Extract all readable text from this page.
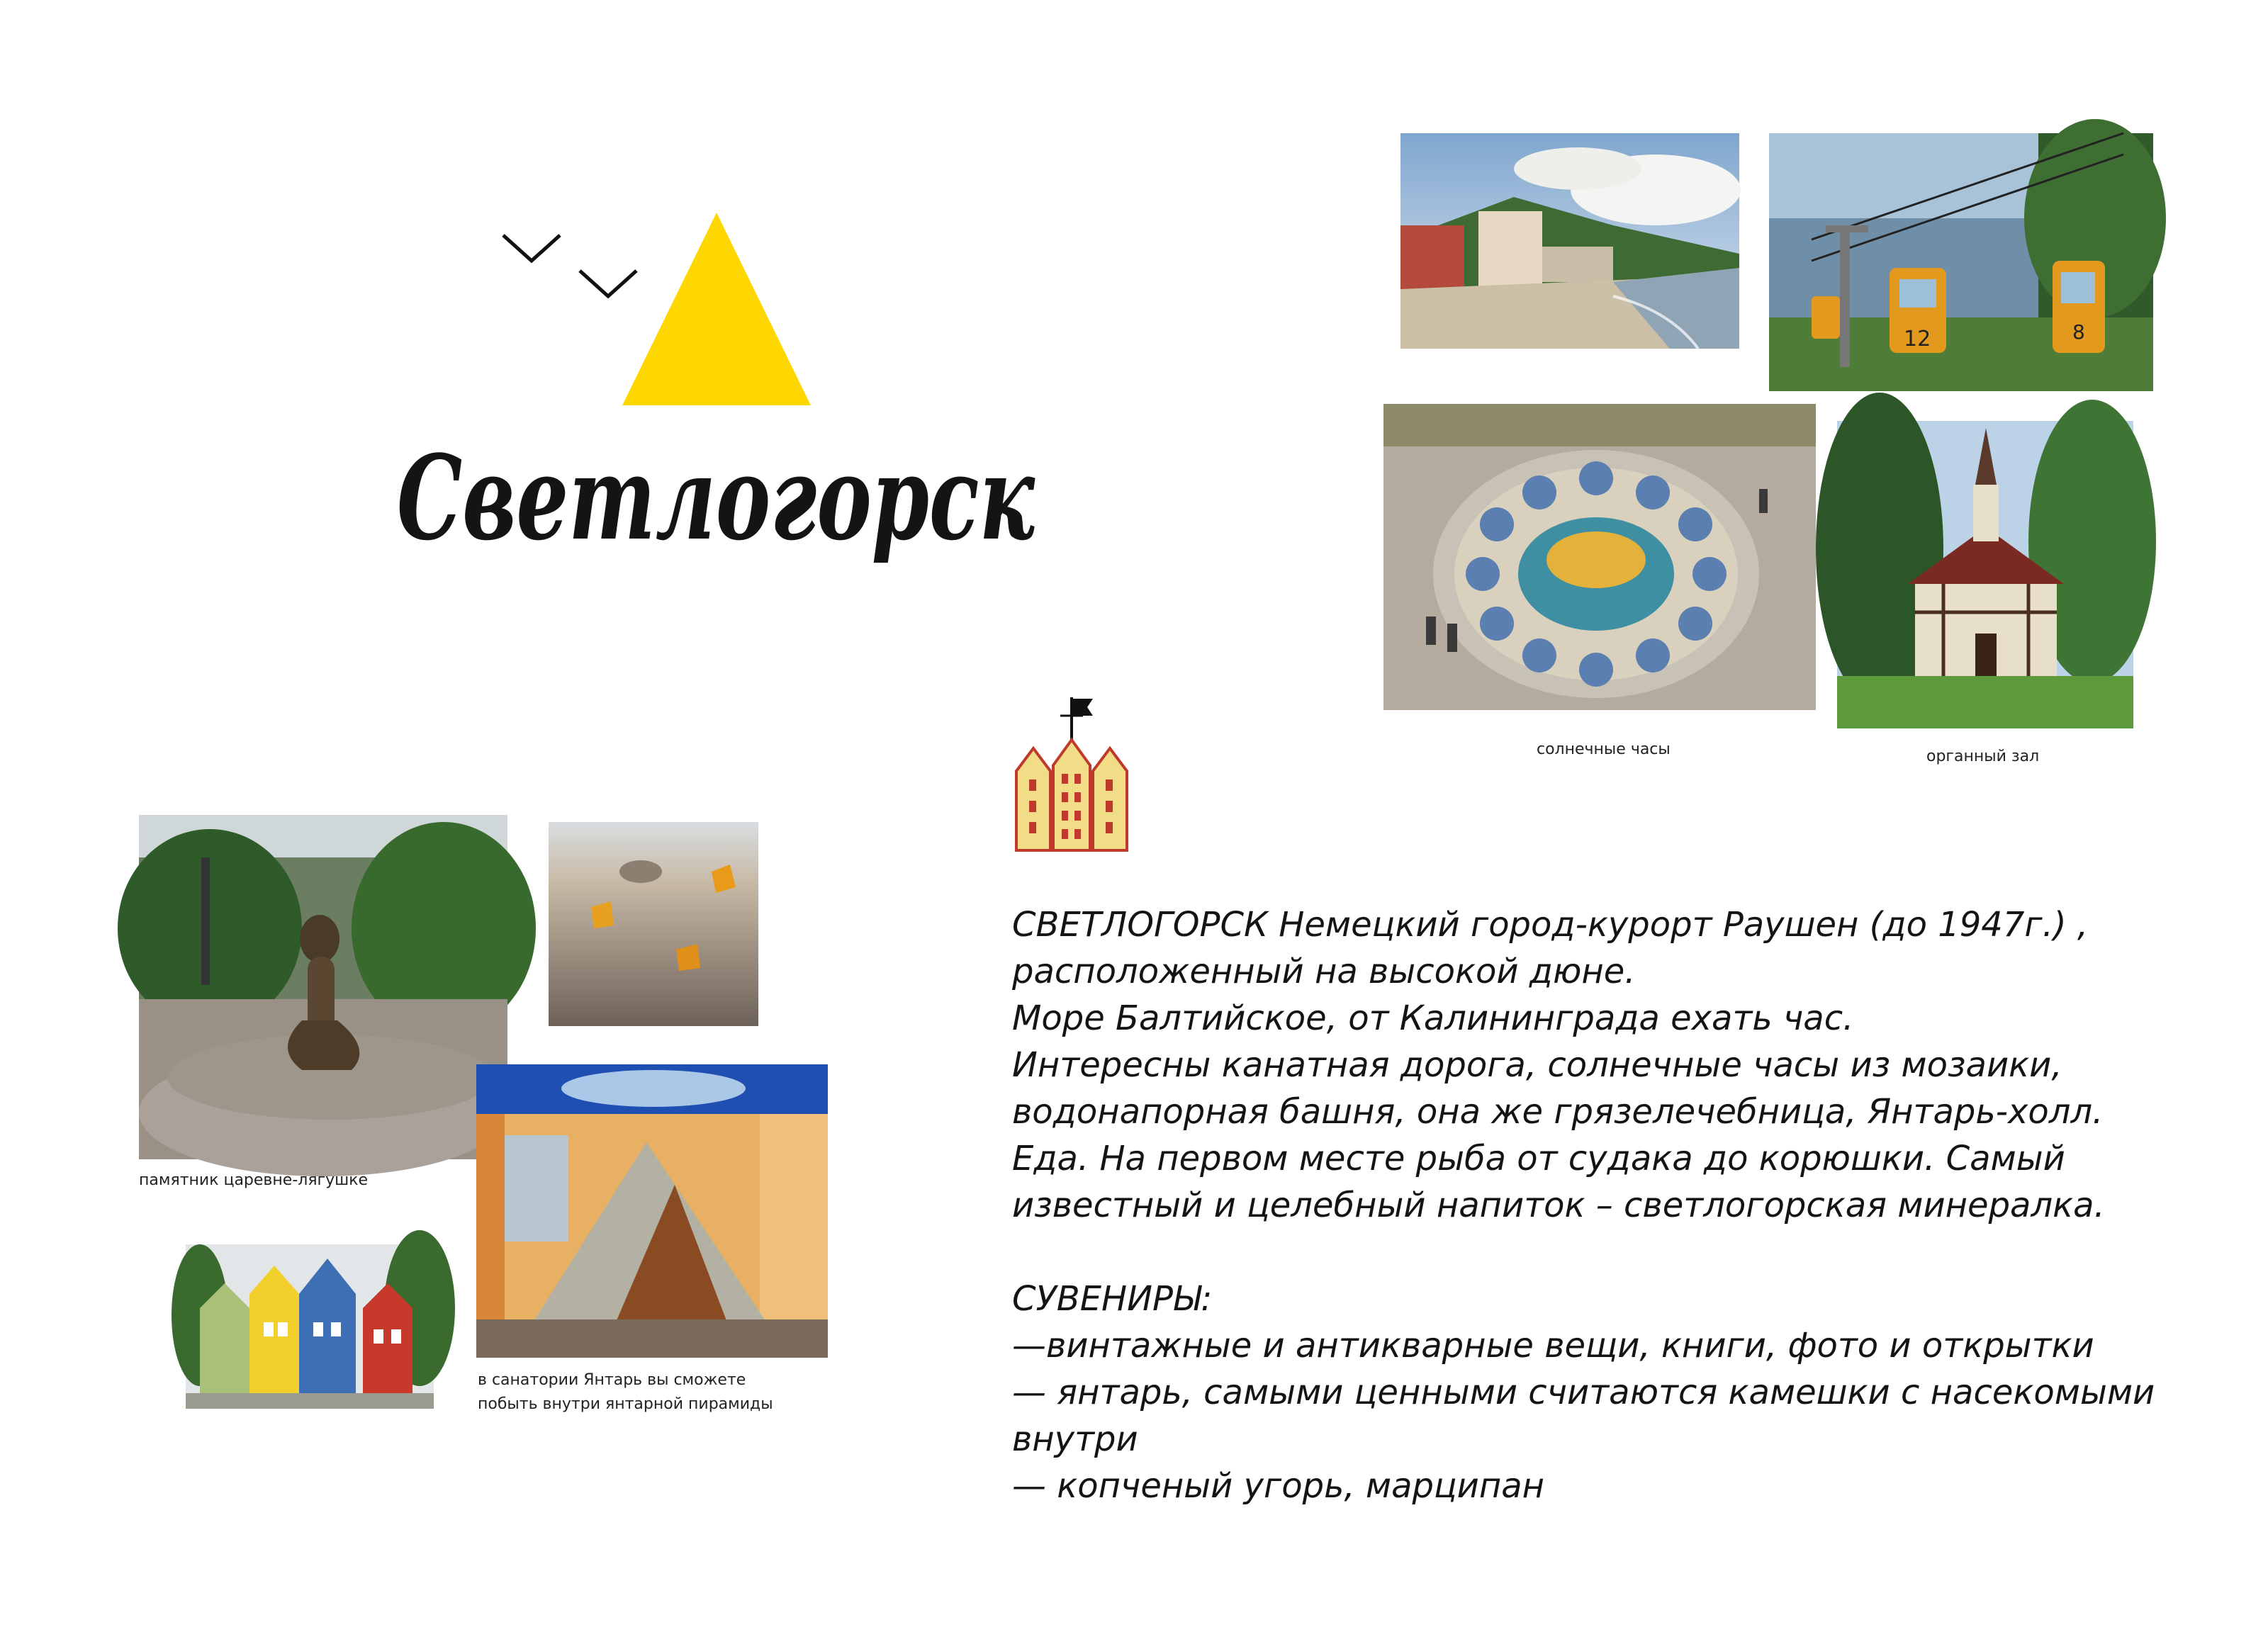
Светлогорск
12	8
солнечные часы	органный зал
памятник царевне-лягушке
в санатории Янтарь вы сможете
побыть внутри янтарной пирамиды
СВЕТЛОГОРСК Немецкий город-курорт Раушен (до 1947г.) ,
расположенный на высокой дюне.
Море Балтийское, от Калининграда ехать час.
Интересны канатная дорога, солнечные часы из мозаики,
водонапорная башня, она же грязелечебница, Янтарь-холл.
Еда. На первом месте рыба от судака до корюшки. Самый
известный и целебный напиток – светлогорская минералка.
СУВЕНИРЫ:
—винтажные и антикварные вещи, книги, фото и открытки
— янтарь, самыми ценными считаются камешки с насекомыми
внутри
— копченый угорь, марципан
